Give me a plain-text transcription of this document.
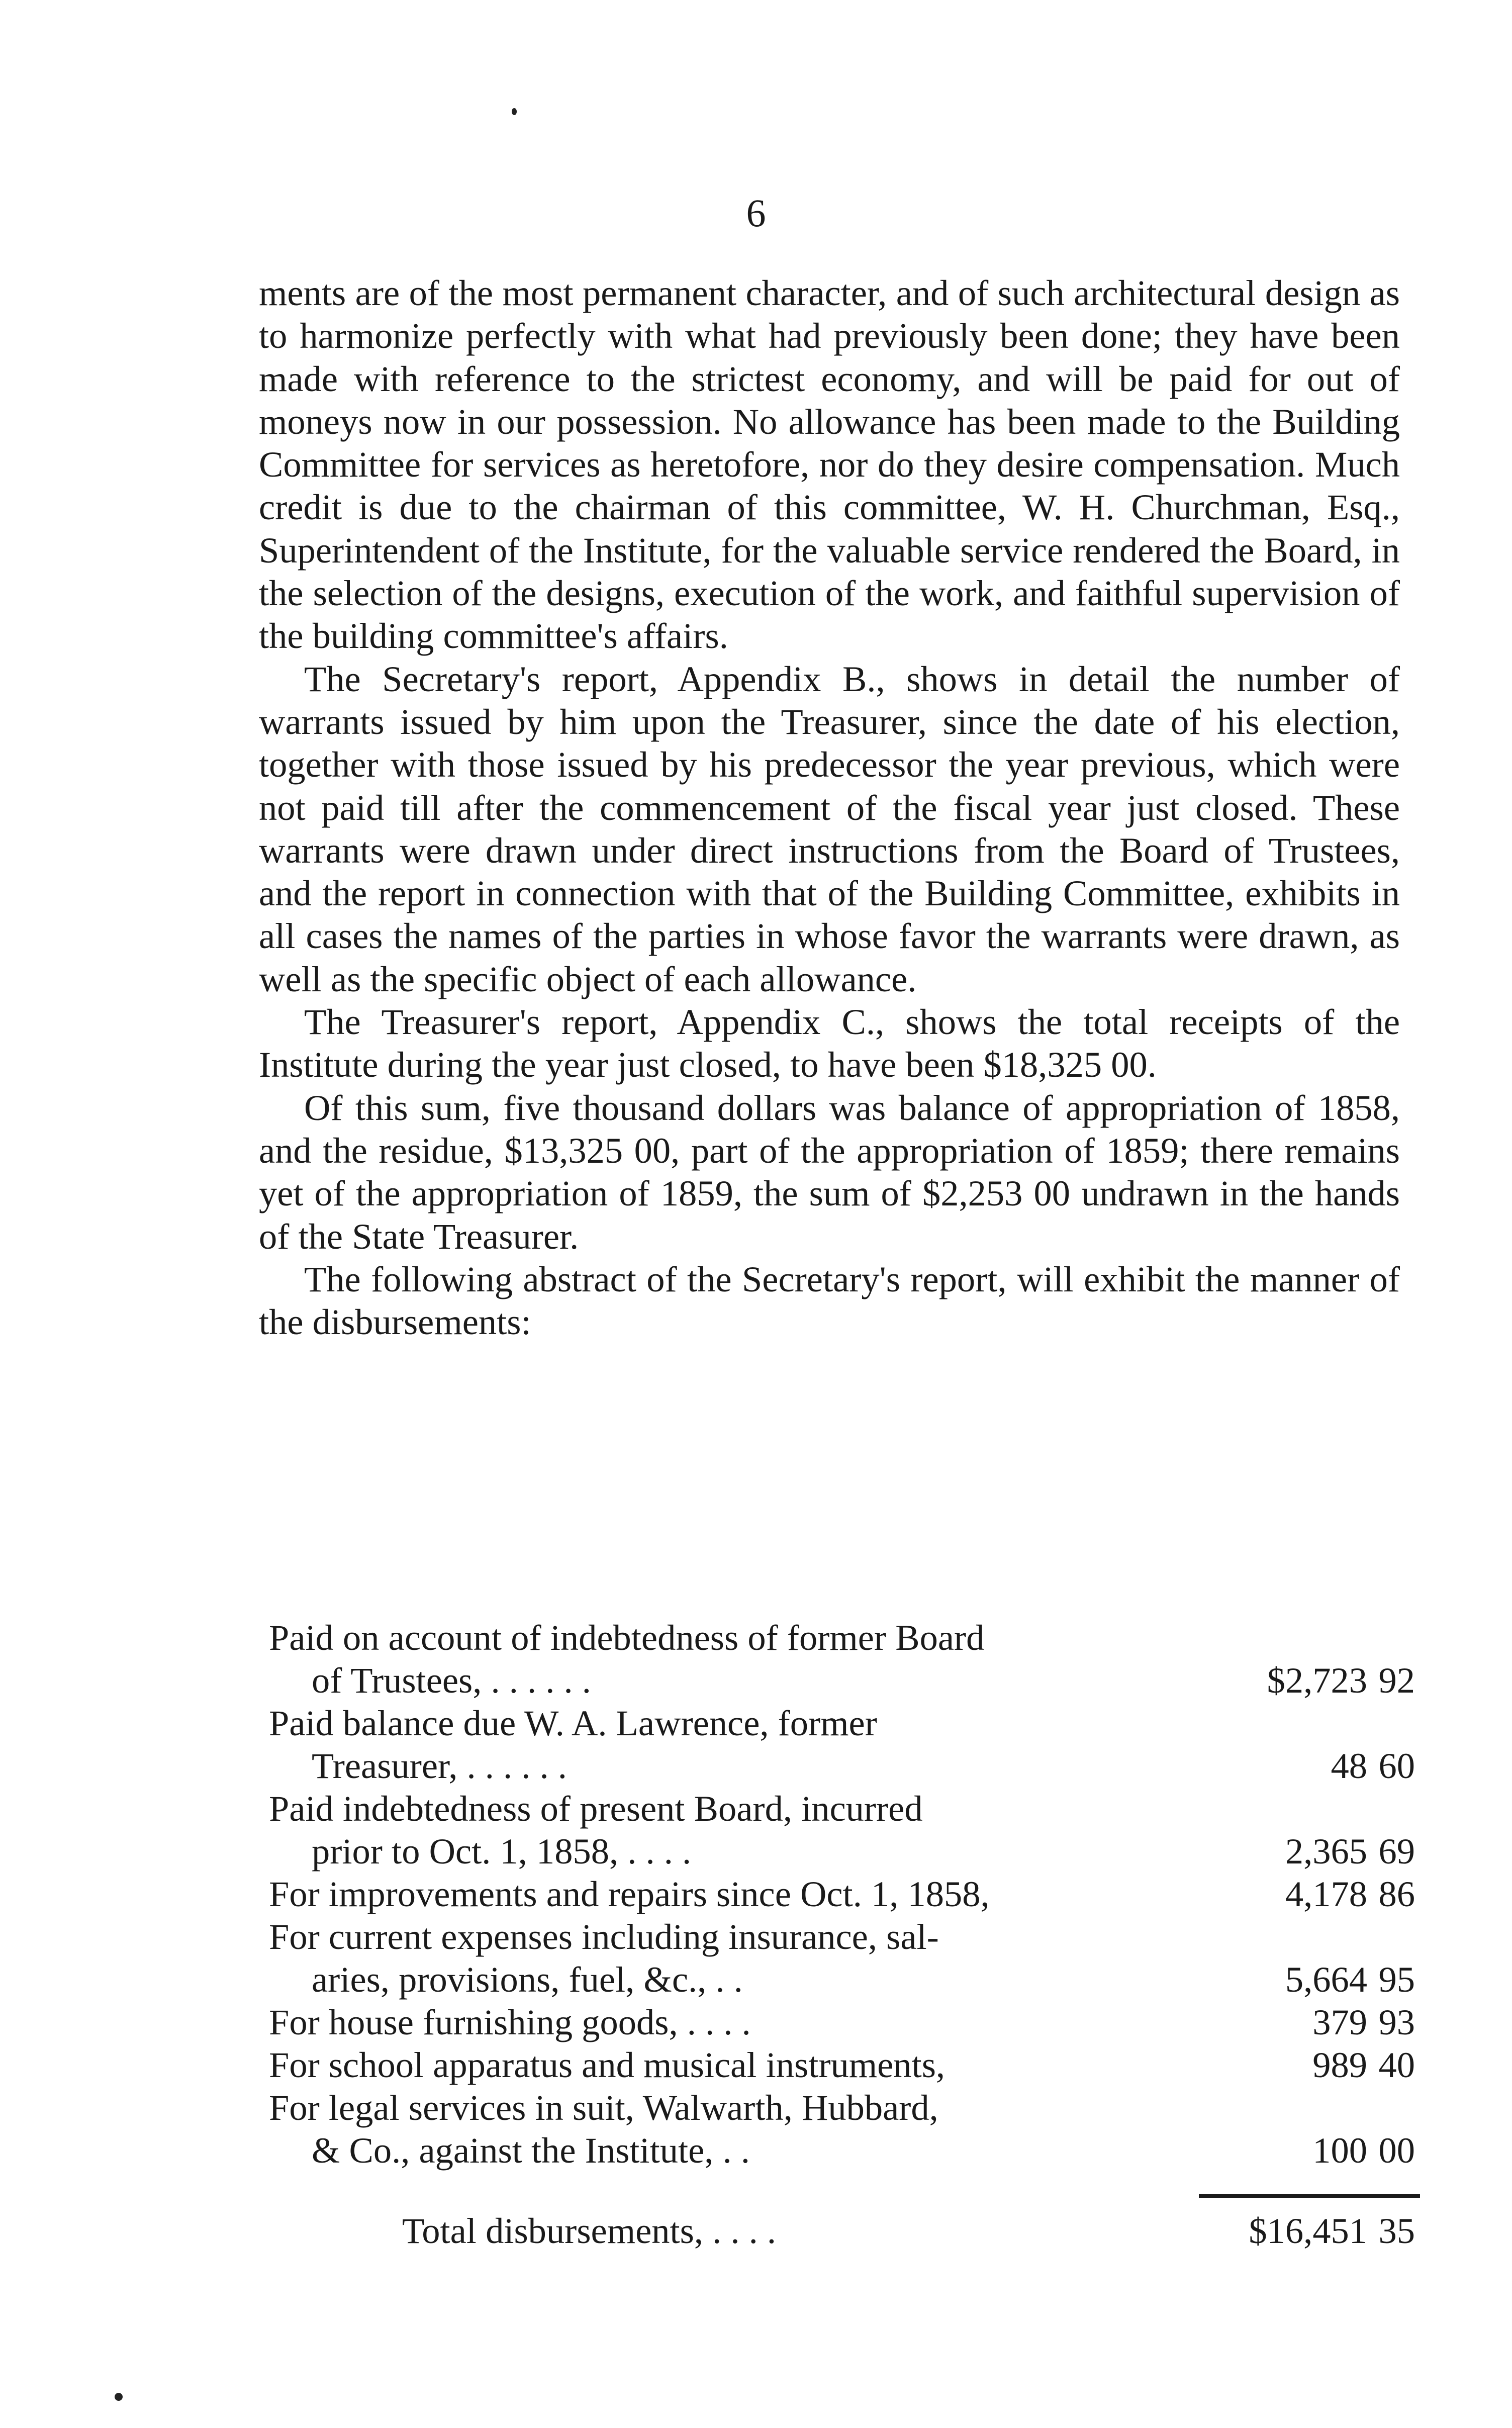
6

ments are of the most permanent character, and of such architectural design as to harmonize perfectly with what had previously been done; they have been made with reference to the strictest economy, and will be paid for out of moneys now in our possession. No allowance has been made to the Building Committee for services as heretofore, nor do they desire compensation. Much credit is due to the chairman of this committee, W. H. Churchman, Esq., Superintendent of the Institute, for the valuable service rendered the Board, in the selection of the designs, execution of the work, and faithful supervision of the building committee's affairs.

The Secretary's report, Appendix B., shows in detail the number of warrants issued by him upon the Treasurer, since the date of his election, together with those issued by his predecessor the year previous, which were not paid till after the commencement of the fiscal year just closed. These warrants were drawn under direct instructions from the Board of Trustees, and the report in connection with that of the Building Committee, exhibits in all cases the names of the parties in whose favor the warrants were drawn, as well as the specific object of each allowance.

The Treasurer's report, Appendix C., shows the total receipts of the Institute during the year just closed, to have been $18,325 00.

Of this sum, five thousand dollars was balance of appropriation of 1858, and the residue, $13,325 00, part of the appropriation of 1859; there remains yet of the appropriation of 1859, the sum of $2,253 00 undrawn in the hands of the State Treasurer.

The following abstract of the Secretary's report, will exhibit the manner of the disbursements:

Paid on account of indebtedness of former Board
of Trustees, . . . . . .	$2,723 92
Paid balance due W. A. Lawrence, former
Treasurer, . . . . . .	48 60
Paid indebtedness of present Board, incurred
prior to Oct. 1, 1858, . . . .	2,365 69
For improvements and repairs since Oct. 1, 1858,	4,178 86
For current expenses including insurance, sal-
aries, provisions, fuel, &c., . .	5,664 95
For house furnishing goods, . . . .	379 93
For school apparatus and musical instruments,	989 40
For legal services in suit, Walwarth, Hubbard,
& Co., against the Institute, . .	100 00
Total disbursements, . . . .	$16,451 35
